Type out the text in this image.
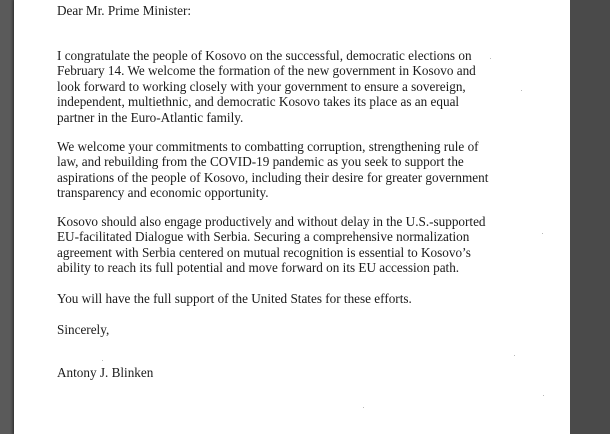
Dear Mr. Prime Minister:

I congratulate the people of Kosovo on the successful, democratic elections on
February 14. We welcome the formation of the new government in Kosovo and
look forward to working closely with your government to ensure a sovereign,
independent, multiethnic, and democratic Kosovo takes its place as an equal
partner in the Euro-Atlantic family.

We welcome your commitments to combatting corruption, strengthening rule of
law, and rebuilding from the COVID-19 pandemic as you seek to support the
aspirations of the people of Kosovo, including their desire for greater government
transparency and economic opportunity.

Kosovo should also engage productively and without delay in the U.S.-supported
EU-facilitated Dialogue with Serbia. Securing a comprehensive normalization
agreement with Serbia centered on mutual recognition is essential to Kosovo’s
ability to reach its full potential and move forward on its EU accession path.

You will have the full support of the United States for these efforts.

Sincerely,

Antony J. Blinken
